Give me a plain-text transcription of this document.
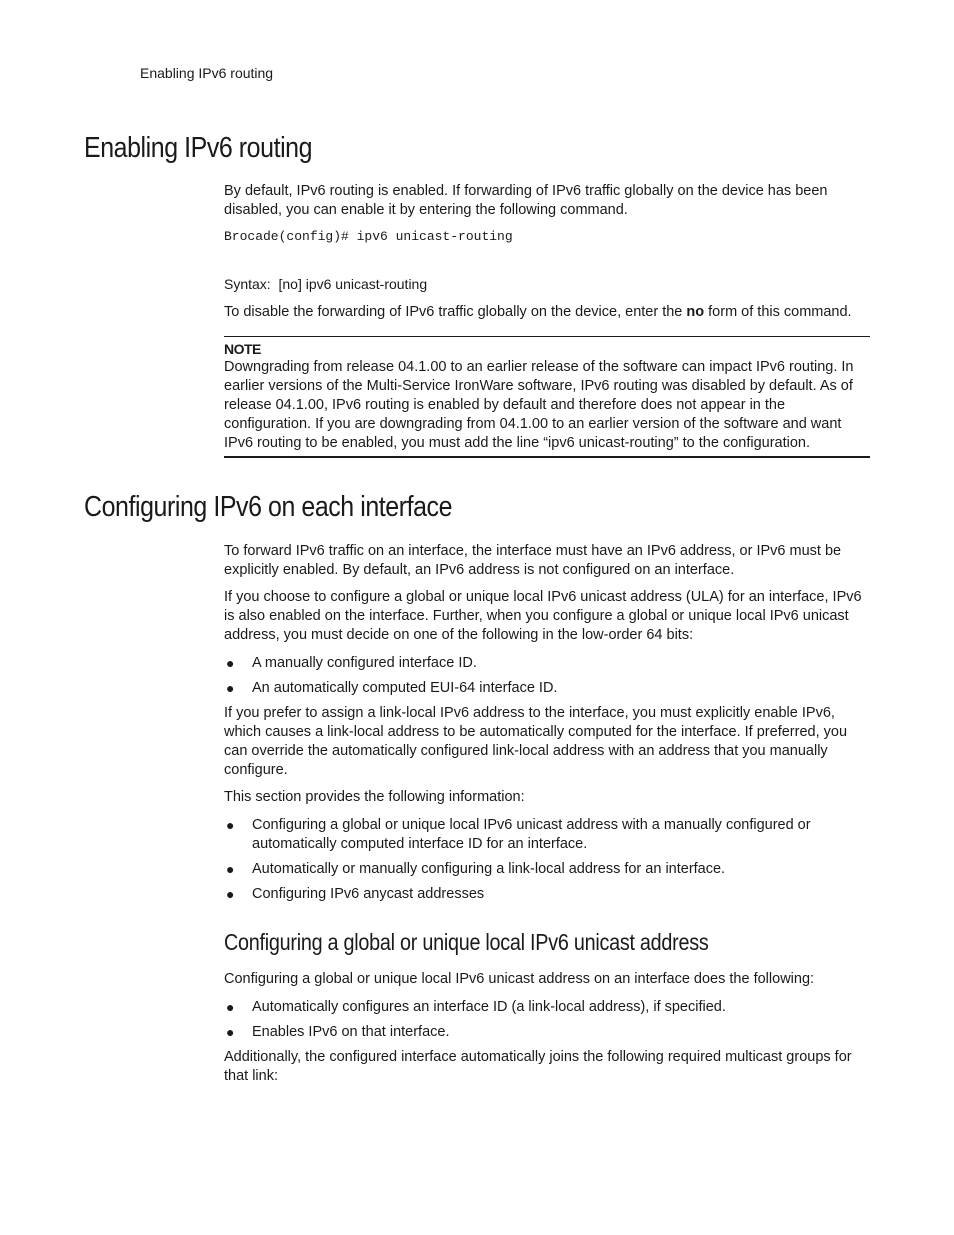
Enabling IPv6 routing
Enabling IPv6 routing

By default, IPv6 routing is enabled. If forwarding of IPv6 traffic globally on the device has been disabled, you can enable it by entering the following command.

Brocade(config)# ipv6 unicast-routing
Syntax: [no] ipv6 unicast-routing

To disable the forwarding of IPv6 traffic globally on the device, enter the no form of this command.

NOTE
Downgrading from release 04.1.00 to an earlier release of the software can impact IPv6 routing. In earlier versions of the Multi-Service IronWare software, IPv6 routing was disabled by default. As of release 04.1.00, IPv6 routing is enabled by default and therefore does not appear in the configuration. If you are downgrading from 04.1.00 to an earlier version of the software and want IPv6 routing to be enabled, you must add the line “ipv6 unicast-routing” to the configuration.
Configuring IPv6 on each interface

To forward IPv6 traffic on an interface, the interface must have an IPv6 address, or IPv6 must be explicitly enabled. By default, an IPv6 address is not configured on an interface.

If you choose to configure a global or unique local IPv6 unicast address (ULA) for an interface, IPv6 is also enabled on the interface. Further, when you configure a global or unique local IPv6 unicast address, you must decide on one of the following in the low-order 64 bits:

● A manually configured interface ID.
● An automatically computed EUI-64 interface ID.

If you prefer to assign a link-local IPv6 address to the interface, you must explicitly enable IPv6, which causes a link-local address to be automatically computed for the interface. If preferred, you can override the automatically configured link-local address with an address that you manually configure.

This section provides the following information:

● Configuring a global or unique local IPv6 unicast address with a manually configured or automatically computed interface ID for an interface.
● Automatically or manually configuring a link-local address for an interface.
● Configuring IPv6 anycast addresses
Configuring a global or unique local IPv6 unicast address

Configuring a global or unique local IPv6 unicast address on an interface does the following:

● Automatically configures an interface ID (a link-local address), if specified.
● Enables IPv6 on that interface.

Additionally, the configured interface automatically joins the following required multicast groups for that link:
